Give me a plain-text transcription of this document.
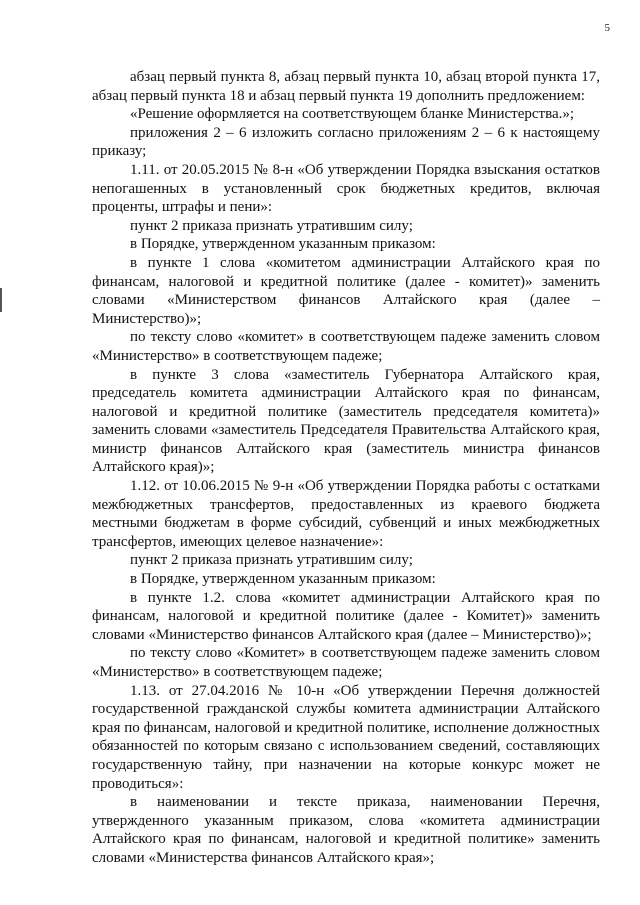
5

абзац первый пункта 8, абзац первый пункта 10, абзац второй пункта 17, абзац первый пункта 18 и абзац первый пункта 19 дополнить предложением:

«Решение оформляется на соответствующем бланке Министерства.»;

приложения 2 – 6 изложить согласно приложениям 2 – 6 к настоящему приказу;

1.11. от 20.05.2015 № 8-н «Об утверждении Порядка взыскания остатков непогашенных в установленный срок бюджетных кредитов, включая проценты, штрафы и пени»:

пункт 2 приказа признать утратившим силу;

в Порядке, утвержденном указанным приказом:

в пункте 1 слова «комитетом администрации Алтайского края по финансам, налоговой и кредитной политике (далее - комитет)» заменить словами «Министерством финансов Алтайского края (далее – Министерство)»;

по тексту слово «комитет» в соответствующем падеже заменить словом «Министерство» в соответствующем падеже;

в пункте 3 слова «заместитель Губернатора Алтайского края, председатель комитета администрации Алтайского края по финансам, налоговой и кредитной политике (заместитель председателя комитета)» заменить словами «заместитель Председателя Правительства Алтайского края, министр финансов Алтайского края (заместитель министра финансов Алтайского края)»;

1.12. от 10.06.2015 № 9-н «Об утверждении Порядка работы с остатками межбюджетных трансфертов, предоставленных из краевого бюджета местными бюджетам в форме субсидий, субвенций и иных межбюджетных трансфертов, имеющих целевое назначение»:

пункт 2 приказа признать утратившим силу;

в Порядке, утвержденном указанным приказом:

в пункте 1.2. слова «комитет администрации Алтайского края по финансам, налоговой и кредитной политике (далее - Комитет)» заменить словами «Министерство финансов Алтайского края (далее – Министерство)»;

по тексту слово «Комитет» в соответствующем падеже заменить словом «Министерство» в соответствующем падеже;

1.13. от 27.04.2016 № 10-н «Об утверждении Перечня должностей государственной гражданской службы комитета администрации Алтайского края по финансам, налоговой и кредитной политике, исполнение должностных обязанностей по которым связано с использованием сведений, составляющих государственную тайну, при назначении на которые конкурс может не проводиться»:

в наименовании и тексте приказа, наименовании Перечня, утвержденного указанным приказом, слова «комитета администрации Алтайского края по финансам, налоговой и кредитной политике» заменить словами «Министерства финансов Алтайского края»;
